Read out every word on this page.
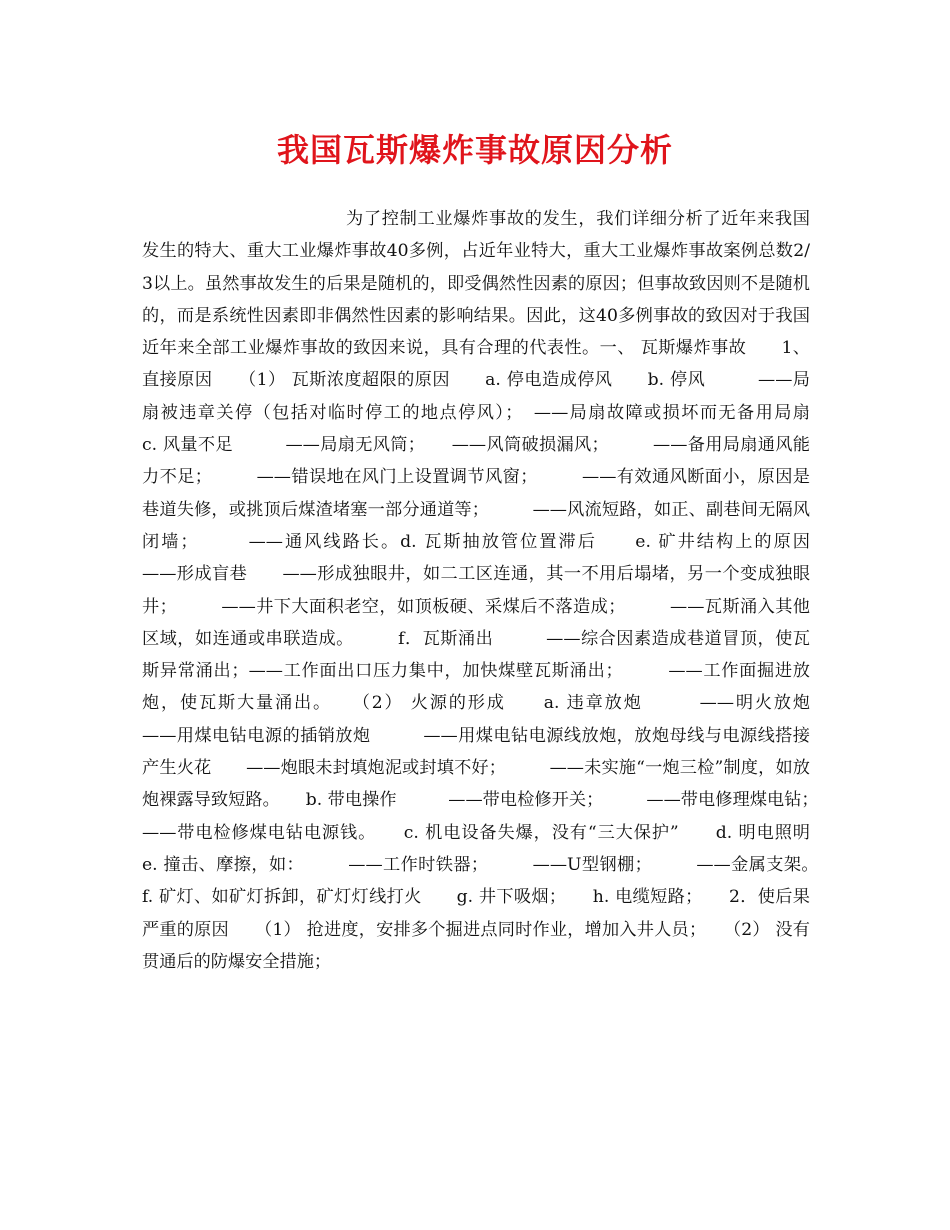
我国瓦斯爆炸事故原因分析

为了控制工业爆炸事故的发生，我们详细分析了近年来我国发生的特大、重大工业爆炸事故40多例，占近年业特大，重大工业爆炸事故案例总数2/3以上。虽然事故发生的后果是随机的，即受偶然性因素的原因；但事故致因则不是随机的，而是系统性因素即非偶然性因素的影响结果。因此，这40多例事故的致因对于我国近年来全部工业爆炸事故的致因来说，具有合理的代表性。一、 瓦斯爆炸事故　　1、 直接原因　　（1） 瓦斯浓度超限的原因　　a. 停电造成停风　　b. 停风　　　——局扇被违章关停（包括对临时停工的地点停风）；　——局扇故障或损坏而无备用局扇　　c. 风量不足　　　——局扇无风筒；　　——风筒破损漏风；　　　——备用局扇通风能力不足；　　　——错误地在风门上设置调节风窗；　　　——有效通风断面小，原因是巷道失修，或挑顶后煤渣堵塞一部分通道等；　　　——风流短路，如正、副巷间无隔风闭墙；　　　——通风线路长。d. 瓦斯抽放管位置滞后　　e. 矿井结构上的原因　　　——形成盲巷　　——形成独眼井，如二工区连通，其一不用后塌堵，另一个变成独眼井；　　　——井下大面积老空，如顶板硬、采煤后不落造成；　　　——瓦斯涌入其他区域，如连通或串联造成。　　　f．瓦斯涌出　　　——综合因素造成巷道冒顶，使瓦斯异常涌出；——工作面出口压力集中，加快煤壁瓦斯涌出；　　　——工作面掘进放炮，使瓦斯大量涌出。　　（2） 火源的形成　　a. 违章放炮　　　——明火放炮　　　——用煤电钻电源的插销放炮　　　——用煤电钻电源线放炮，放炮母线与电源线搭接产生火花　　——炮眼未封填炮泥或封填不好；　　　——未实施“一炮三检”制度，如放炮裸露导致短路。　　b. 带电操作　　　——带电检修开关；　　　——带电修理煤电钻；　　　——带电检修煤电钻电源钱。　　c. 机电设备失爆，没有“三大保护”　　d. 明电照明　　e. 撞击、摩擦，如：　　　——工作时铁器；　　　——U型钢棚；　　　——金属支架。　　f. 矿灯、如矿灯拆卸，矿灯灯线打火　　g. 井下吸烟；　　h. 电缆短路；　　2．使后果严重的原因　　（1） 抢进度，安排多个掘进点同时作业，增加入井人员；　　（2） 没有贯通后的防爆安全措施；
